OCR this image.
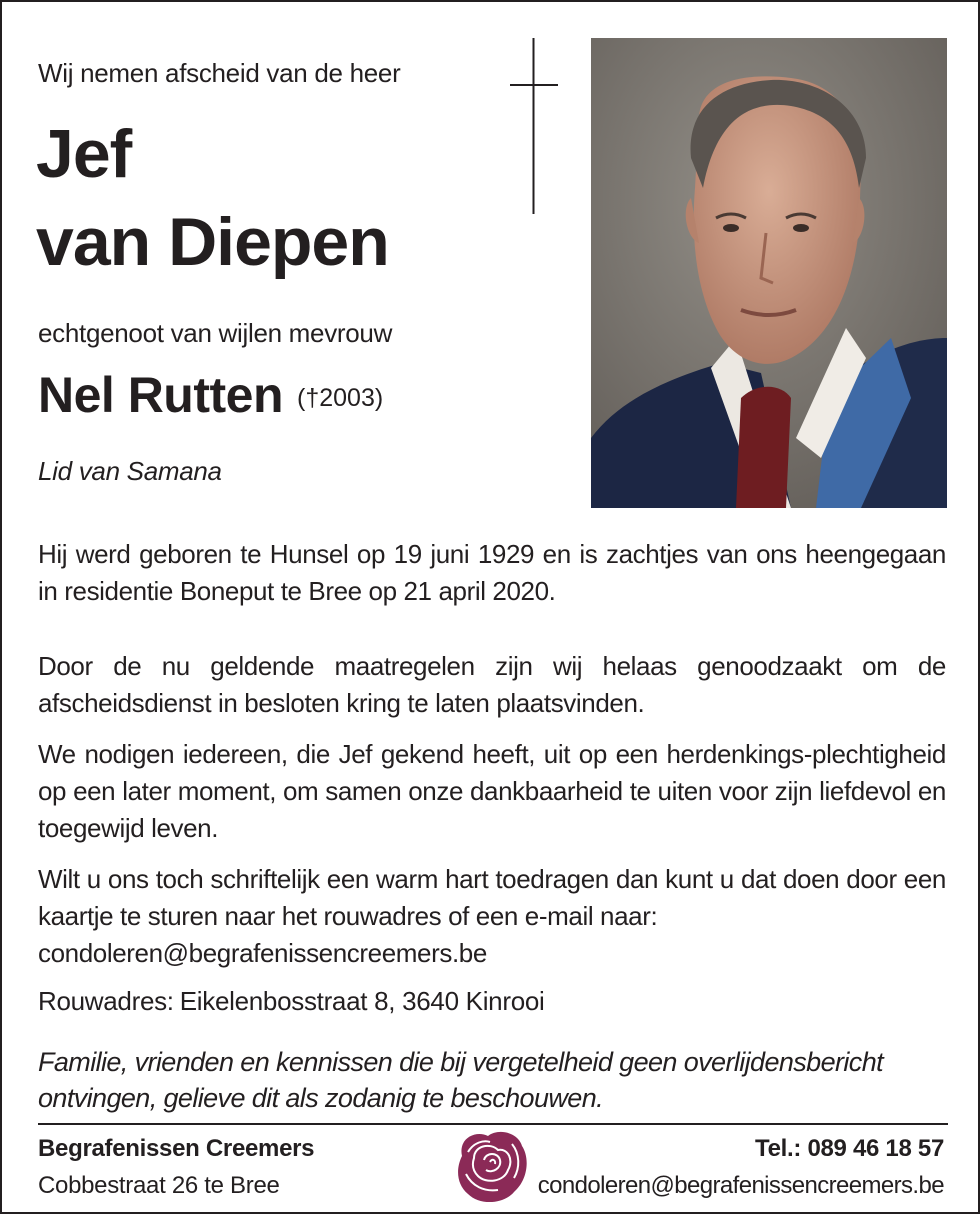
Wij nemen afscheid van de heer
Jef
van Diepen
echtgenoot van wijlen mevrouw
Nel Rutten (†2003)
Lid van Samana
Hij werd geboren te Hunsel op 19 juni 1929 en is zachtjes van ons heengegaan in residentie Boneput te Bree op 21 april 2020.
Door de nu geldende maatregelen zijn wij helaas genoodzaakt om de afscheidsdienst in besloten kring te laten plaatsvinden.
We nodigen iedereen, die Jef gekend heeft, uit op een herdenkings-plechtigheid op een later moment, om samen onze dankbaarheid te uiten voor zijn liefdevol en toegewijd leven.
Wilt u ons toch schriftelijk een warm hart toedragen dan kunt u dat doen door een kaartje te sturen naar het rouwadres of een e-mail naar:
condoleren@begrafenissencreemers.be
Rouwadres: Eikelenbosstraat 8, 3640 Kinrooi
Familie, vrienden en kennissen die bij vergetelheid geen overlijdensbericht ontvingen, gelieve dit als zodanig te beschouwen.
Begrafenissen Creemers
Cobbestraat 26 te Bree
Tel.: 089 46 18 57
condoleren@begrafenissencreemers.be
